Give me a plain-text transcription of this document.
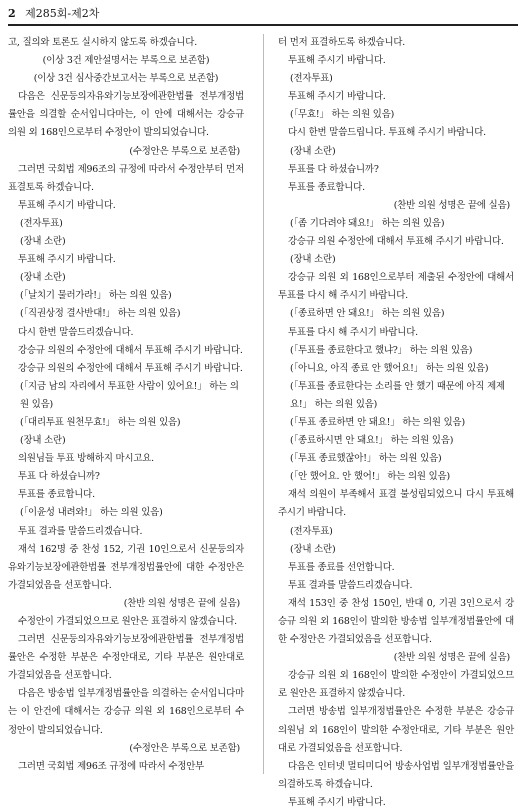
2 제285회-제2차

고, 질의와 토론도 실시하지 않도록 하겠습니다.

(이상 3건 제안설명서는 부록으로 보존함)

(이상 3건 심사중간보고서는 부록으로 보존함)

다음은 신문등의자유와기능보장에관한법률 전부개정법률안을 의결할 순서입니다마는, 이 안에 대해서는 강승규 의원 외 168인으로부터 수정안이 발의되었습니다.

(수정안은 부록으로 보존함)

그러면 국회법 제96조의 규정에 따라서 수정안부터 먼저 표결토록 하겠습니다.

투표해 주시기 바랍니다.

(전자투표)

(장내 소란)

투표해 주시기 바랍니다.

(장내 소란)

(「날치기 물러가라!」 하는 의원 있음)

(「직권상정 결사반대!」 하는 의원 있음)

다시 한번 말씀드리겠습니다.

강승규 의원의 수정안에 대해서 투표해 주시기 바랍니다.

강승규 의원의 수정안에 대해서 투표해 주시기 바랍니다.

(「지금 남의 자리에서 투표한 사람이 있어요!」 하는 의원 있음)

(「대리투표 원천무효!」 하는 의원 있음)

(장내 소란)

의원님들 투표 방해하지 마시고요.

투표 다 하셨습니까?

투표를 종료합니다.

(「이윤성 내려와!」 하는 의원 있음)

투표 결과를 말씀드리겠습니다.

재석 162명 중 찬성 152, 기권 10인으로서 신문등의자유와기능보장에관한법률 전부개정법률안에 대한 수정안은 가결되었음을 선포합니다.

(찬반 의원 성명은 끝에 실음)

수정안이 가결되었으므로 원안은 표결하지 않겠습니다.

그러면 신문등의자유와기능보장에관한법률 전부개정법률안은 수정한 부분은 수정안대로, 기타 부분은 원안대로 가결되었음을 선포합니다.

다음은 방송법 일부개정법률안을 의결하는 순서입니다마는 이 안건에 대해서는 강승규 의원 외 168인으로부터 수정안이 발의되었습니다.

(수정안은 부록으로 보존함)

그러면 국회법 제96조 규정에 따라서 수정안부

터 먼저 표결하도록 하겠습니다.

투표해 주시기 바랍니다.

(전자투표)

투표해 주시기 바랍니다.

(「무효!」 하는 의원 있음)

다시 한번 말씀드립니다. 투표해 주시기 바랍니다.

(장내 소란)

투표를 다 하셨습니까?

투표를 종료합니다.

(찬반 의원 성명은 끝에 실음)

(「좀 기다려야 돼요!」 하는 의원 있음)

강승규 의원 수정안에 대해서 투표해 주시기 바랍니다.

(장내 소란)

강승규 의원 외 168인으로부터 제출된 수정안에 대해서 투표를 다시 해 주시기 바랍니다.

(「종료하면 안 돼요!」 하는 의원 있음)

투표를 다시 해 주시기 바랍니다.

(「투표를 종료한다고 했냐?」 하는 의원 있음)

(「아니요, 아직 종료 안 했어요!」 하는 의원 있음)

(「투표를 종료한다는 소리를 안 했기 때문에 아직 제제요!」 하는 의원 있음)

(「투표 종료하면 안 돼요!」 하는 의원 있음)

(「종료하시면 안 돼요!」 하는 의원 있음)

(「투표 종료했잖아!」 하는 의원 있음)

(「안 했어요. 안 했어!」 하는 의원 있음)

재석 의원이 부족해서 표결 불성립되었으니 다시 투표해 주시기 바랍니다.

(전자투표)

(장내 소란)

투표를 종료를 선언합니다.

투표 결과를 말씀드리겠습니다.

재석 153인 중 찬성 150인, 반대 0, 기권 3인으로서 강승규 의원 외 168인이 발의한 방송법 일부개정법률안에 대한 수정안은 가결되었음을 선포합니다.

(찬반 의원 성명은 끝에 실음)

강승규 의원 외 168인이 발의한 수정안이 가결되었으므로 원안은 표결하지 않겠습니다.

그러면 방송법 일부개정법률안은 수정한 부분은 강승규 의원님 외 168인이 발의한 수정안대로, 기타 부분은 원안대로 가결되었음을 선포합니다.

다음은 인터넷 멀티미디어 방송사업법 일부개정법률안을 의결하도록 하겠습니다.

투표해 주시기 바랍니다.
